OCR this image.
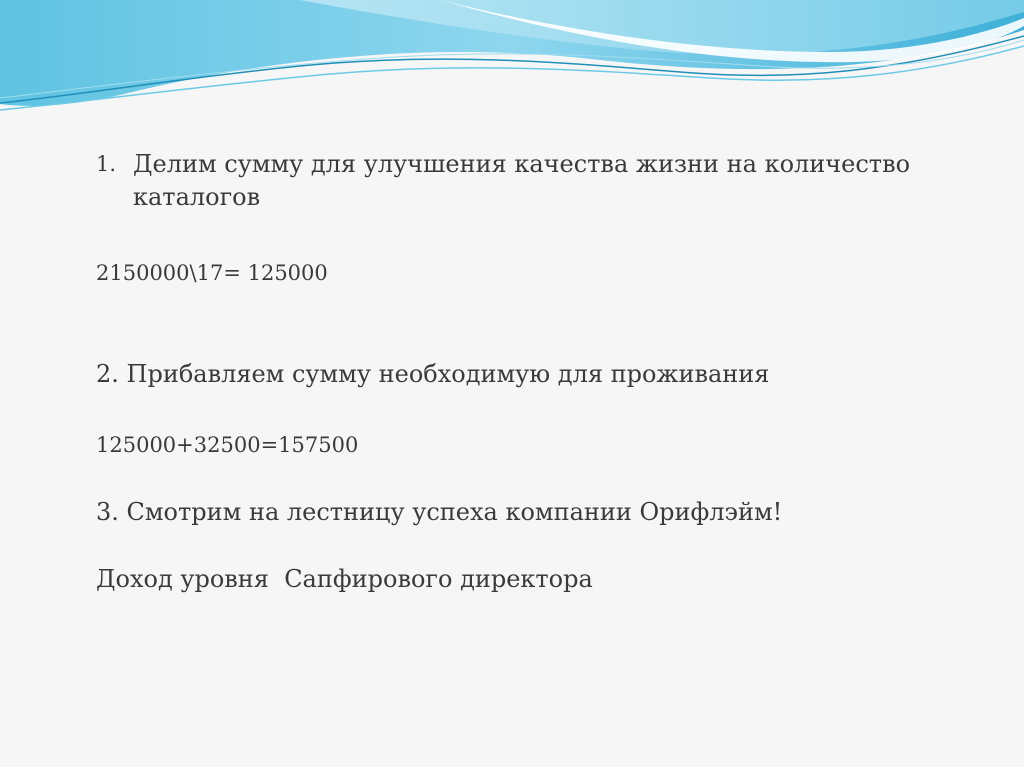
1. Делим сумму для улучшения качества жизни на количество каталогов

2150000\17= 125000

2. Прибавляем сумму необходимую для проживания

125000+32500=157500

3. Смотрим на лестницу успеха компании Орифлэйм!

Доход уровня  Сапфирового директора
